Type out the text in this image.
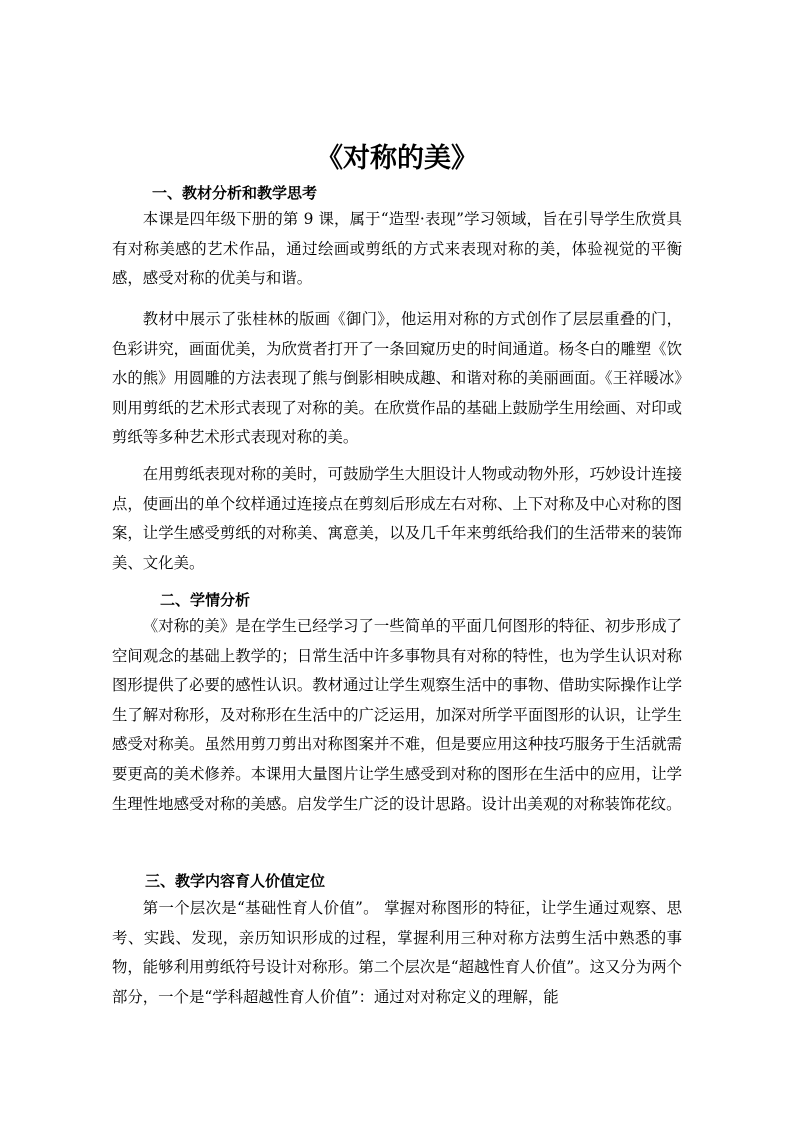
《对称的美》
一、教材分析和教学思考

本课是四年级下册的第 9 课，属于“造型·表现”学习领域，旨在引导学生欣赏具有对称美感的艺术作品，通过绘画或剪纸的方式来表现对称的美，体验视觉的平衡感，感受对称的优美与和谐。

教材中展示了张桂林的版画《御门》，他运用对称的方式创作了层层重叠的门，色彩讲究，画面优美，为欣赏者打开了一条回窥历史的时间通道。杨冬白的雕塑《饮水的熊》用圆雕的方法表现了熊与倒影相映成趣、和谐对称的美丽画面。《王祥暖冰》则用剪纸的艺术形式表现了对称的美。在欣赏作品的基础上鼓励学生用绘画、对印或剪纸等多种艺术形式表现对称的美。

在用剪纸表现对称的美时，可鼓励学生大胆设计人物或动物外形，巧妙设计连接点，使画出的单个纹样通过连接点在剪刻后形成左右对称、上下对称及中心对称的图案，让学生感受剪纸的对称美、寓意美，以及几千年来剪纸给我们的生活带来的装饰美、文化美。

二、学情分析

《对称的美》是在学生已经学习了一些简单的平面几何图形的特征、初步形成了空间观念的基础上教学的；日常生活中许多事物具有对称的特性，也为学生认识对称图形提供了必要的感性认识。教材通过让学生观察生活中的事物、借助实际操作让学生了解对称形，及对称形在生活中的广泛运用，加深对所学平面图形的认识，让学生感受对称美。虽然用剪刀剪出对称图案并不难，但是要应用这种技巧服务于生活就需要更高的美术修养。本课用大量图片让学生感受到对称的图形在生活中的应用，让学生理性地感受对称的美感。启发学生广泛的设计思路。设计出美观的对称装饰花纹。

三、教学内容育人价值定位

第一个层次是“基础性育人价值”。 掌握对称图形的特征，让学生通过观察、思考、实践、发现，亲历知识形成的过程，掌握利用三种对称方法剪生活中熟悉的事物，能够利用剪纸符号设计对称形。第二个层次是“超越性育人价值”。这又分为两个部分，一个是“学科超越性育人价值”：通过对对称定义的理解，能
